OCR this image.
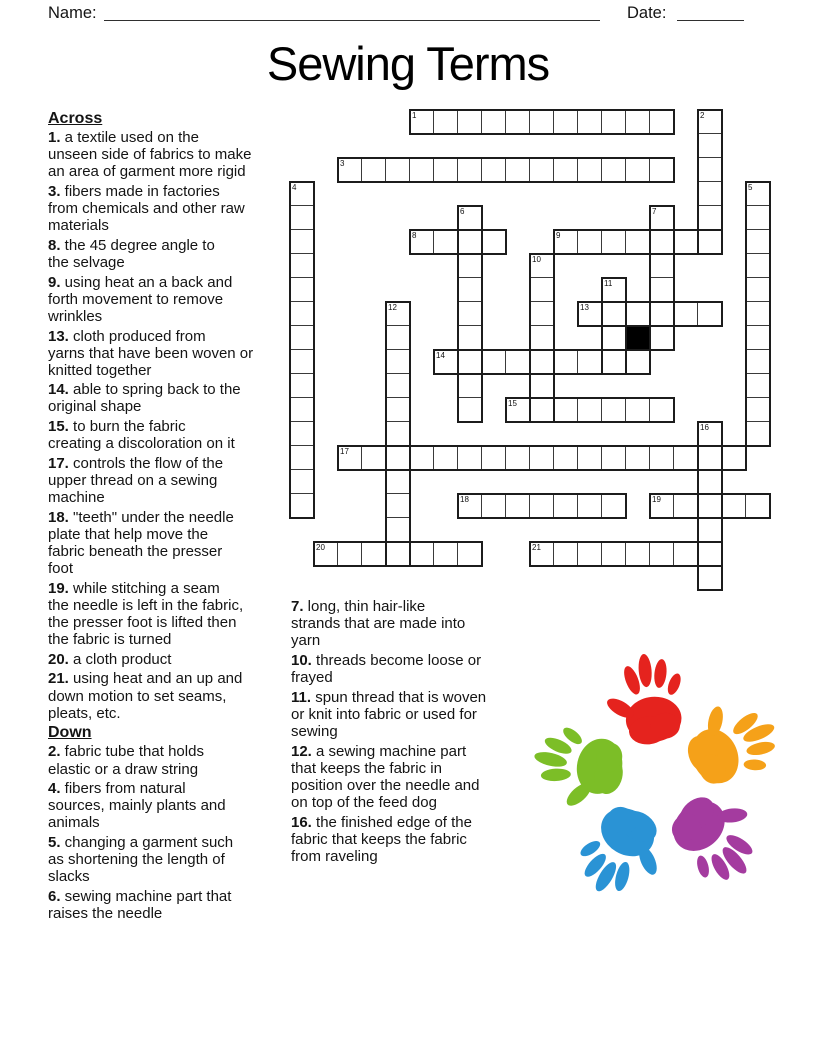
Name:	Date:
Sewing Terms
1	2
3
4	5
6	7
8	9
10
11
12	13
14
15
16
17
18	19
20	21
Across
1. a textile used on the
unseen side of fabrics to make
an area of garment more rigid
3. fibers made in factories
from chemicals and other raw
materials
8. the 45 degree angle to
the selvage
9. using heat an a back and
forth movement to remove
wrinkles
13. cloth produced from
yarns that have been woven or
knitted together
14. able to spring back to the
original shape
15. to burn the fabric
creating a discoloration on it
17. controls the flow of the
upper thread on a sewing
machine
18. "teeth" under the needle
plate that help move the
fabric beneath the presser
foot
19. while stitching a seam
the needle is left in the fabric,
the presser foot is lifted then
the fabric is turned
20. a cloth product
21. using heat and an up and
down motion to set seams,
pleats, etc.
Down
2. fabric tube that holds
elastic or a draw string
4. fibers from natural
sources, mainly plants and
animals
5. changing a garment such
as shortening the length of
slacks
6. sewing machine part that
raises the needle
7. long, thin hair-like
strands that are made into
yarn
10. threads become loose or
frayed
11. spun thread that is woven
or knit into fabric or used for
sewing
12. a sewing machine part
that keeps the fabric in
position over the needle and
on top of the feed dog
16. the finished edge of the
fabric that keeps the fabric
from raveling
